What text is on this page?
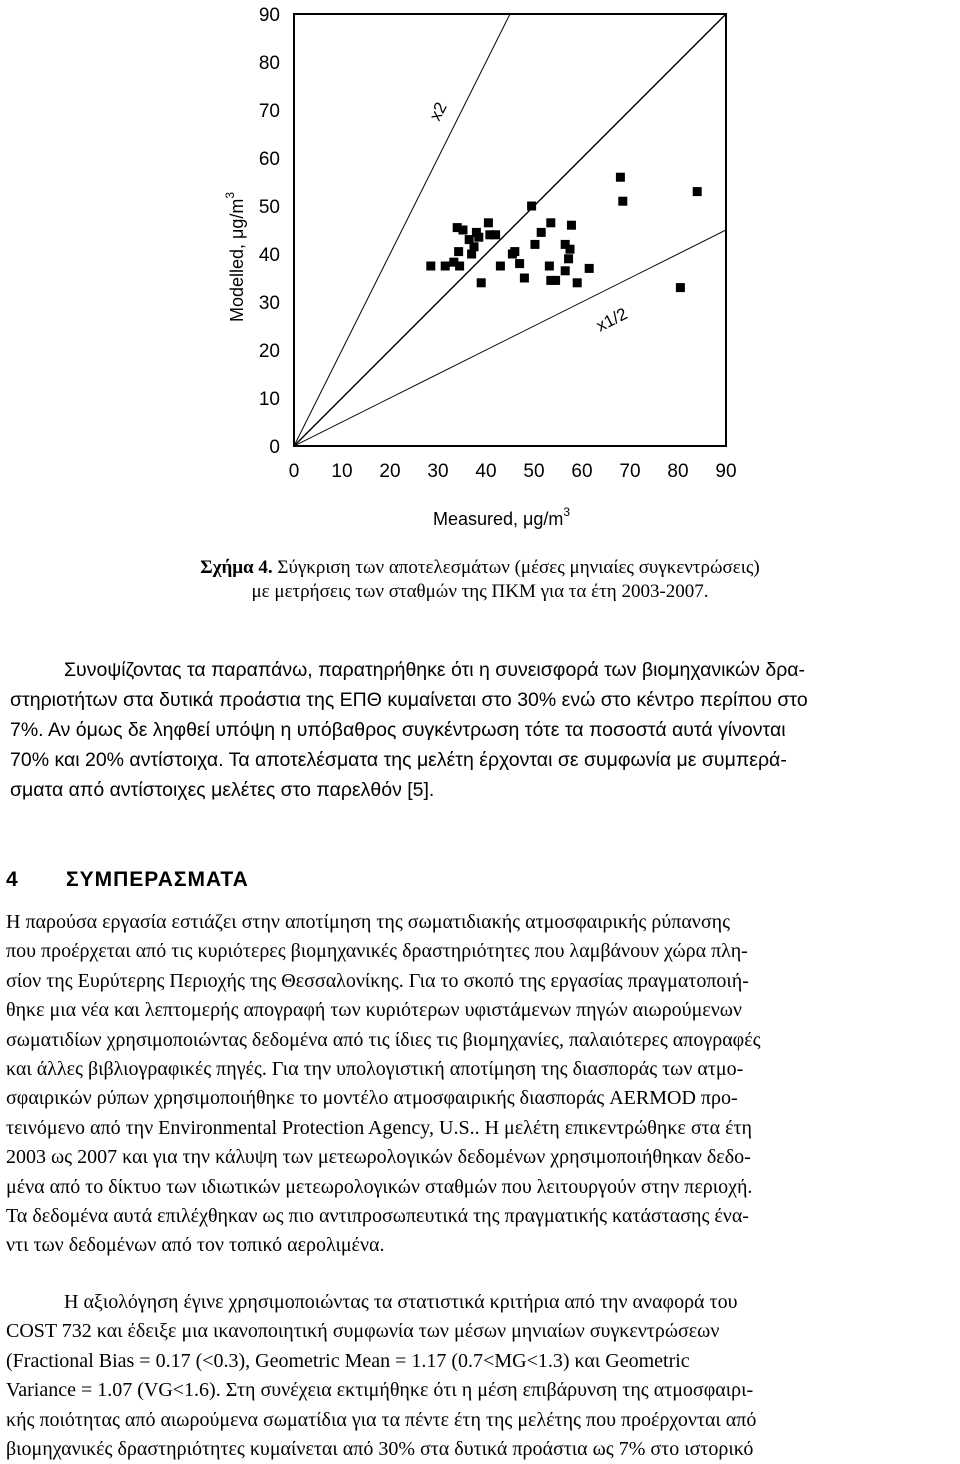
0
10
20
30
40
50
60
70
80
90
0 10 20 30 40 50 60 70 80 90
x2
x1/2
Measured, $\mu g/m^3$
Modelled, $\mu g/m^3$
Σχήμα 4. Σύγκριση των αποτελεσμάτων (μέσες μηνιαίες συγκεντρώσεις)
με μετρήσεις των σταθμών της ΠΚΜ για τα έτη 2003-2007.
Συνοψίζοντας τα παραπάνω, παρατηρήθηκε ότι η συνεισφορά των βιομηχανικών δρα-
στηριοτήτων στα δυτικά προάστια της ΕΠΘ κυμαίνεται στο 30% ενώ στο κέντρο περίπου στο
7%. Αν όμως δε ληφθεί υπόψη η υπόβαθρος συγκέντρωση τότε τα ποσοστά αυτά γίνονται
70% και 20% αντίστοιχα. Τα αποτελέσματα της μελέτη έρχονται σε συμφωνία με συμπερά-
σματα από αντίστοιχες μελέτες στο παρελθόν [5].
4 ΣΥΜΠΕΡΑΣΜΑΤΑ
Η παρούσα εργασία εστιάζει στην αποτίμηση της σωματιδιακής ατμοσφαιρικής ρύπανσης
που προέρχεται από τις κυριότερες βιομηχανικές δραστηριότητες που λαμβάνουν χώρα πλη-
σίον της Ευρύτερης Περιοχής της Θεσσαλονίκης. Για το σκοπό της εργασίας πραγματοποιή-
θηκε μια νέα και λεπτομερής απογραφή των κυριότερων υφιστάμενων πηγών αιωρούμενων
σωματιδίων χρησιμοποιώντας δεδομένα από τις ίδιες τις βιομηχανίες, παλαιότερες απογραφές
και άλλες βιβλιογραφικές πηγές. Για την υπολογιστική αποτίμηση της διασποράς των ατμο-
σφαιρικών ρύπων χρησιμοποιήθηκε το μοντέλο ατμοσφαιρικής διασποράς AERMOD προ-
τεινόμενο από την Environmental Protection Agency, U.S.. Η μελέτη επικεντρώθηκε στα έτη
2003 ως 2007 και για την κάλυψη των μετεωρολογικών δεδομένων χρησιμοποιήθηκαν δεδο-
μένα από το δίκτυο των ιδιωτικών μετεωρολογικών σταθμών που λειτουργούν στην περιοχή.
Τα δεδομένα αυτά επιλέχθηκαν ως πιο αντιπροσωπευτικά της πραγματικής κατάστασης ένα-
ντι των δεδομένων από τον τοπικό αερολιμένα.
Η αξιολόγηση έγινε χρησιμοποιώντας τα στατιστικά κριτήρια από την αναφορά του
COST 732 και έδειξε μια ικανοποιητική συμφωνία των μέσων μηνιαίων συγκεντρώσεων
(Fractional Bias = 0.17 (<0.3), Geometric Mean = 1.17 (0.7<MG<1.3) και Geometric
Variance = 1.07 (VG<1.6). Στη συνέχεια εκτιμήθηκε ότι η μέση επιβάρυνση της ατμοσφαιρι-
κής ποιότητας από αιωρούμενα σωματίδια για τα πέντε έτη της μελέτης που προέρχονται από
βιομηχανικές δραστηριότητες κυμαίνεται από 30% στα δυτικά προάστια ως 7% στο ιστορικό
